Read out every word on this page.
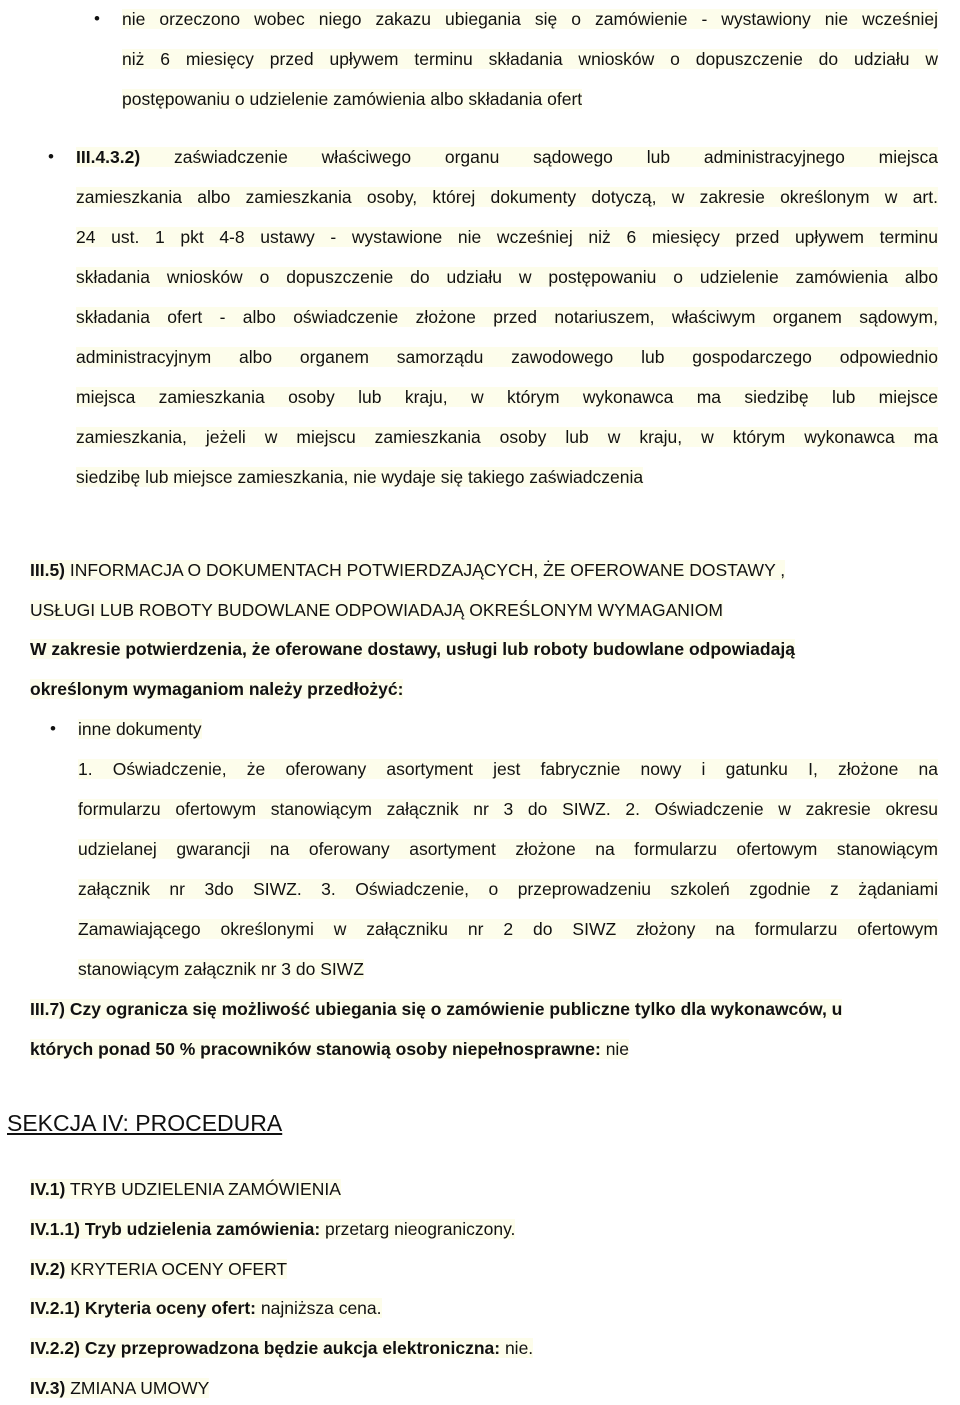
• nie orzeczono wobec niego zakazu ubiegania się o zamówienie - wystawiony nie wcześniej
niż 6 miesięcy przed upływem terminu składania wniosków o dopuszczenie do udziału w
postępowaniu o udzielenie zamówienia albo składania ofert
• III.4.3.2) zaświadczenie właściwego organu sądowego lub administracyjnego miejsca
zamieszkania albo zamieszkania osoby, której dokumenty dotyczą, w zakresie określonym w art.
24 ust. 1 pkt 4-8 ustawy - wystawione nie wcześniej niż 6 miesięcy przed upływem terminu
składania wniosków o dopuszczenie do udziału w postępowaniu o udzielenie zamówienia albo
składania ofert - albo oświadczenie złożone przed notariuszem, właściwym organem sądowym,
administracyjnym albo organem samorządu zawodowego lub gospodarczego odpowiednio
miejsca zamieszkania osoby lub kraju, w którym wykonawca ma siedzibę lub miejsce
zamieszkania, jeżeli w miejscu zamieszkania osoby lub w kraju, w którym wykonawca ma
siedzibę lub miejsce zamieszkania, nie wydaje się takiego zaświadczenia
III.5) INFORMACJA O DOKUMENTACH POTWIERDZAJĄCYCH, ŻE OFEROWANE DOSTAWY ,
USŁUGI LUB ROBOTY BUDOWLANE ODPOWIADAJĄ OKREŚLONYM WYMAGANIOM
W zakresie potwierdzenia, że oferowane dostawy, usługi lub roboty budowlane odpowiadają
określonym wymaganiom należy przedłożyć:
• inne dokumenty
1. Oświadczenie, że oferowany asortyment jest fabrycznie nowy i gatunku I, złożone na
formularzu ofertowym stanowiącym załącznik nr 3 do SIWZ. 2. Oświadczenie w zakresie okresu
udzielanej gwarancji na oferowany asortyment złożone na formularzu ofertowym stanowiącym
załącznik nr 3do SIWZ. 3. Oświadczenie, o przeprowadzeniu szkoleń zgodnie z żądaniami
Zamawiającego określonymi w załączniku nr 2 do SIWZ złożony na formularzu ofertowym
stanowiącym załącznik nr 3 do SIWZ
III.7) Czy ogranicza się możliwość ubiegania się o zamówienie publiczne tylko dla wykonawców, u
których ponad 50 % pracowników stanowią osoby niepełnosprawne: nie
SEKCJA IV: PROCEDURA
IV.1) TRYB UDZIELENIA ZAMÓWIENIA
IV.1.1) Tryb udzielenia zamówienia: przetarg nieograniczony.
IV.2) KRYTERIA OCENY OFERT
IV.2.1) Kryteria oceny ofert: najniższa cena.
IV.2.2) Czy przeprowadzona będzie aukcja elektroniczna: nie.
IV.3) ZMIANA UMOWY
